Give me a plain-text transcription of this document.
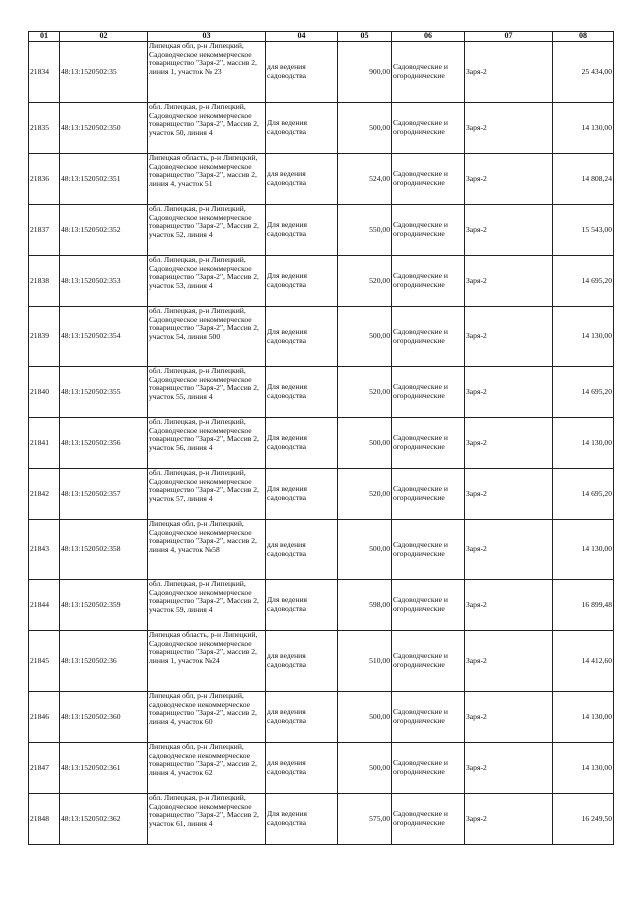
01	02	03	04	05	06	07	08
21834	48:13:1520502:35	Липецкая обл, р-н Липецкий, Садоводческое некоммерческое товарищество "Заря-2", массив 2, линия 1, участок № 23	для ведения садоводства	900,00	Садоводческие и огороднические	Заря-2	25 434,00
21835	48:13:1520502:350	обл. Липецкая, р-н Липецкий, Садоводческое некоммерческое товарищество "Заря-2", Массив 2, участок 50, линия 4	Для ведения садоводства	500,00	Садоводческие и огороднические	Заря-2	14 130,00
21836	48:13:1520502:351	Липецкая область, р-н Липецкий, Садоводческое некоммерческое товарищество "Заря-2", массив 2, линия 4, участок 51	для ведения садоводства	524,00	Садоводческие и огороднические	Заря-2	14 808,24
21837	48:13:1520502:352	обл. Липецкая, р-н Липецкий, Садоводческое некоммерческое товарищество "Заря-2", Массив 2, участок 52, линия 4	Для ведения садоводства	550,00	Садоводческие и огороднические	Заря-2	15 543,00
21838	48:13:1520502:353	обл. Липецкая, р-н Липецкий, Садоводческое некоммерческое товарищество "Заря-2", Массив 2, участок 53, линия 4	Для ведения садоводства	520,00	Садоводческие и огороднические	Заря-2	14 695,20
21839	48:13:1520502:354	обл. Липецкая, р-н Липецкий, Садоводческое некоммерческое товарищество "Заря-2", Массив 2, участок 54, линия 500	Для ведения садоводства	500,00	Садоводческие и огороднические	Заря-2	14 130,00
21840	48:13:1520502:355	обл. Липецкая, р-н Липецкий, Садоводческое некоммерческое товарищество "Заря-2", Массив 2, участок 55, линия 4	Для ведения садоводства	520,00	Садоводческие и огороднические	Заря-2	14 695,20
21841	48:13:1520502:356	обл. Липецкая, р-н Липецкий, Садоводческое некоммерческое товарищество "Заря-2", Массив 2, участок 56, линия 4	Для ведения садоводства	500,00	Садоводческие и огороднические	Заря-2	14 130,00
21842	48:13:1520502:357	обл. Липецкая, р-н Липецкий, Садоводческое некоммерческое товарищество "Заря-2", Массив 2, участок 57, линия 4	Для ведения садоводства	520,00	Садоводческие и огороднические	Заря-2	14 695,20
21843	48:13:1520502:358	Липецкая обл, р-н Липецкий, Садоводческое некоммерческое товарищество "Заря-2", массив 2, линия 4, участок №58	для ведения садоводства	500,00	Садоводческие и огороднические	Заря-2	14 130,00
21844	48:13:1520502:359	обл. Липецкая, р-н Липецкий, Садоводческое некоммерческое товарищество "Заря-2", Массив 2, участок 59, линия 4	Для ведения садоводства	598,00	Садоводческие и огороднические	Заря-2	16 899,48
21845	48:13:1520502:36	Липецкая область, р-н Липецкий, Садоводческое некоммерческое товарищество "Заря-2", массив 2, линия 1, участок №24	для ведения садоводства	510,00	Садоводческие и огороднические	Заря-2	14 412,60
21846	48:13:1520502:360	Липецкая обл, р-н Липецкий, садоводческое некоммерческое товарищество "Заря-2", массив 2, линия 4, участок 60	для ведения садоводства	500,00	Садоводческие и огороднические	Заря-2	14 130,00
21847	48:13:1520502:361	Липецкая обл, р-н Липецкий, садоводческое некоммерческое товарищество "Заря-2", массив 2, линия 4, участок 62	для ведения садоводства	500,00	Садоводческие и огороднические	Заря-2	14 130,00
21848	48:13:1520502:362	обл. Липецкая, р-н Липецкий, Садоводческое некоммерческое товарищество "Заря-2", Массив 2, участок 61, линия 4	Для ведения садоводства	575,00	Садоводческие и огороднические	Заря-2	16 249,50
